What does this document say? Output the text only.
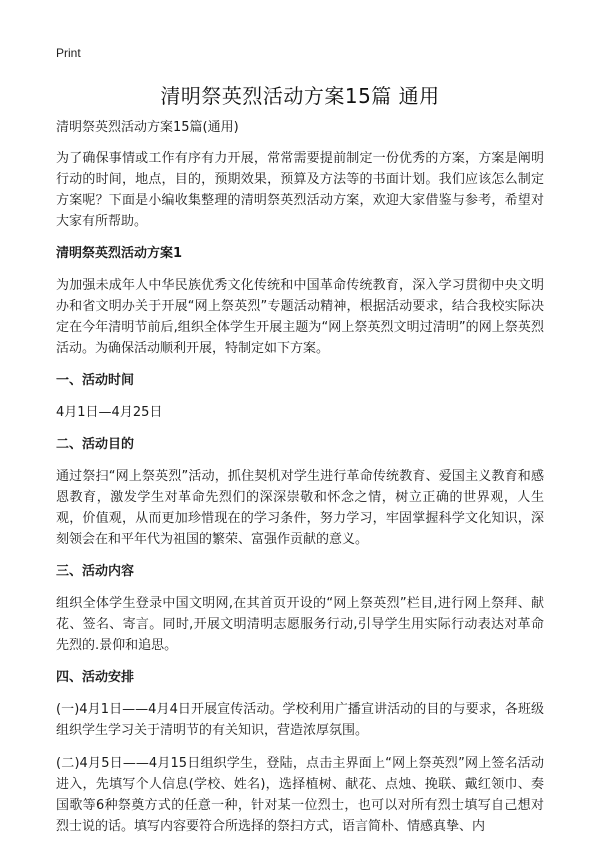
Print
清明祭英烈活动方案15篇 通用
清明祭英烈活动方案15篇(通用)

为了确保事情或工作有序有力开展，常常需要提前制定一份优秀的方案，方案是阐明行动的时间，地点，目的，预期效果，预算及方法等的书面计划。我们应该怎么制定方案呢？下面是小编收集整理的清明祭英烈活动方案，欢迎大家借鉴与参考，希望对大家有所帮助。

清明祭英烈活动方案1

为加强未成年人中华民族优秀文化传统和中国革命传统教育，深入学习贯彻中央文明办和省文明办关于开展“网上祭英烈”专题活动精神，根据活动要求，结合我校实际决定在今年清明节前后,组织全体学生开展主题为“网上祭英烈文明过清明”的网上祭英烈活动。为确保活动顺利开展，特制定如下方案。

一、活动时间

4月1日—4月25日

二、活动目的

通过祭扫“网上祭英烈”活动，抓住契机对学生进行革命传统教育、爱国主义教育和感恩教育，激发学生对革命先烈们的深深崇敬和怀念之情，树立正确的世界观，人生观，价值观，从而更加珍惜现在的学习条件，努力学习，牢固掌握科学文化知识，深刻领会在和平年代为祖国的繁荣、富强作贡献的意义。

三、活动内容

组织全体学生登录中国文明网,在其首页开设的“网上祭英烈”栏目,进行网上祭拜、献花、签名、寄言。同时,开展文明清明志愿服务行动,引导学生用实际行动表达对革命先烈的.景仰和追思。

四、活动安排

(一)4月1日——4月4日开展宣传活动。学校利用广播宣讲活动的目的与要求，各班级组织学生学习关于清明节的有关知识，营造浓厚氛围。

(二)4月5日——4月15日组织学生，登陆，点击主界面上“网上祭英烈”网上签名活动进入，先填写个人信息(学校、姓名)，选择植树、献花、点烛、挽联、戴红领巾、奏国歌等6种祭奠方式的任意一种，针对某一位烈士，也可以对所有烈士填写自己想对烈士说的话。填写内容要符合所选择的祭扫方式，语言简朴、情感真挚、内
